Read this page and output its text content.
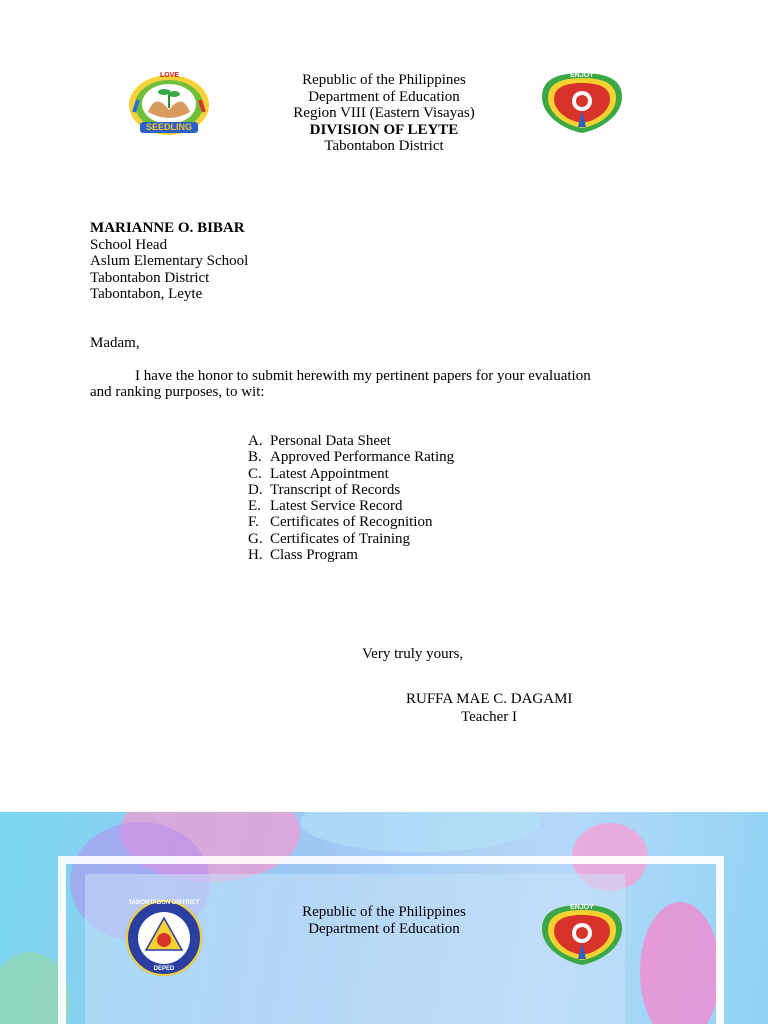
LOVE
SEEDLING
Republic of the Philippines
Department of Education
Region VIII (Eastern Visayas)
DIVISION OF LEYTE
Tabontabon District
ENJOY
MARIANNE O. BIBAR
School Head
Aslum Elementary School
Tabontabon District
Tabontabon, Leyte
Madam,
I have the honor to submit herewith my pertinent papers for your evaluation
and ranking purposes, to wit:
A. Personal Data Sheet
B. Approved Performance Rating
C. Latest Appointment
D. Transcript of Records
E. Latest Service Record
F. Certificates of Recognition
G. Certificates of Training
H. Class Program
Very truly yours,
RUFFA MAE C. DAGAMI
Teacher I
TABONTABON DISTRICT
DEPED
Republic of the Philippines
Department of Education
ENJOY
